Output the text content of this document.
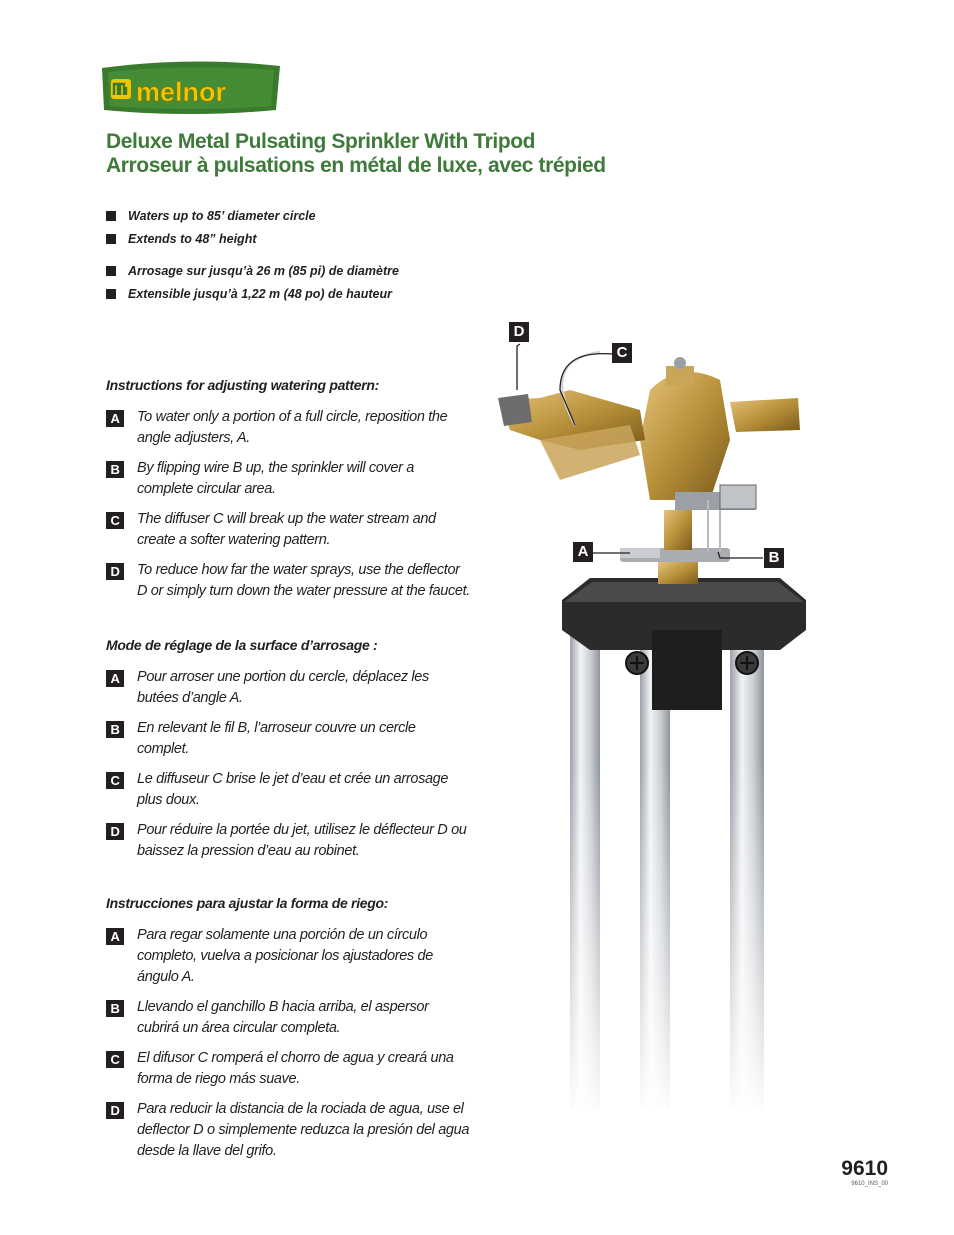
melnor
Deluxe Metal Pulsating Sprinkler With Tripod
Arroseur à pulsations en métal de luxe, avec trépied
Waters up to 85’ diameter circle
Extends to 48” height
Arrosage sur jusqu’à 26 m (85 pi) de diamètre
Extensible jusqu’à 1,22 m (48 po) de hauteur
Instructions for adjusting watering pattern:
A	To water only a portion of a full circle, reposition the angle adjusters, A.
B	By flipping wire B up, the sprinkler will cover a complete circular area.
C	The diffuser C will break up the water stream and create a softer watering pattern.
D	To reduce how far the water sprays, use the deflector D or simply turn down the water pressure at the faucet.
Mode de réglage de la surface d’arrosage :
A	Pour arroser une portion du cercle, déplacez les butées d’angle A.
B	En relevant le fil B, l’arroseur couvre un cercle complet.
C	Le diffuseur C brise le jet d’eau et crée un arrosage plus doux.
D	Pour réduire la portée du jet, utilisez le déflecteur D ou baissez la pression d’eau au robinet.
Instrucciones para ajustar la forma de riego:
A	Para regar solamente una porción de un círculo completo, vuelva a posicionar los ajustadores de ángulo A.
B	Llevando el ganchillo B hacia arriba, el aspersor cubrirá un área circular completa.
C	El difusor C romperá el chorro de agua y creará una forma de riego más suave.
D	Para reducir la distancia de la rociada de agua, use el deflector D o simplemente reduzca la presión del agua desde la llave del grifo.
D
C
A	B
9610
9610_INS_00
